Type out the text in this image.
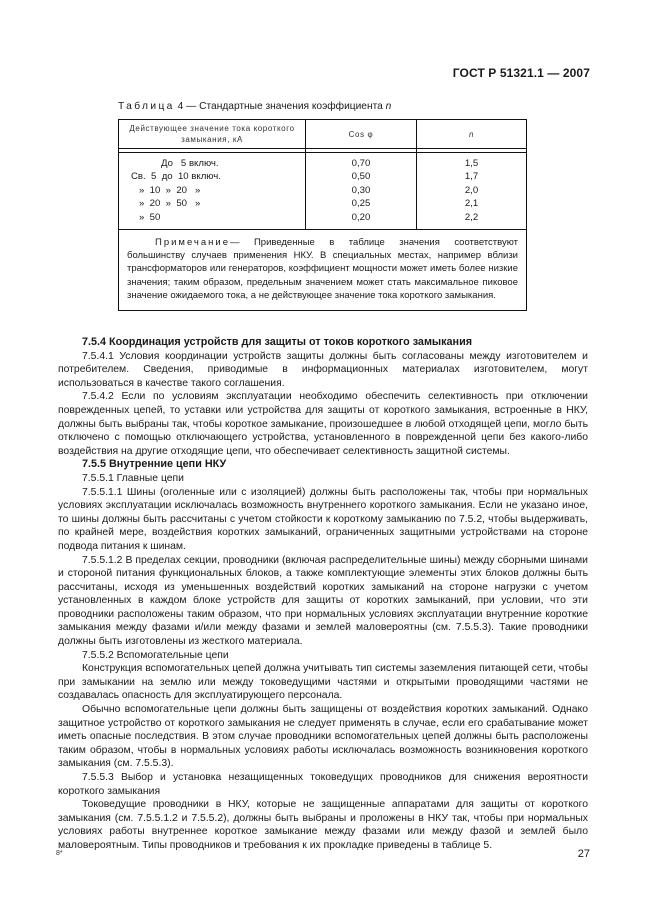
ГОСТ Р 51321.1 — 2007
Таблица 4 — Стандартные значения коэффициента n
Действующее значение тока короткого замыкания, кА
Cos φ	n
До   5 включ.
Св.  5  до  10 включ.
»  10  »  20   »
»  20  »  50   »
»  50
0,70
0,50
0,30
0,25
0,20
1,5
1,7
2,0
2,1
2,2
Примечание— Приведенные в таблице значения соответствуют большинству случаев применения НКУ. В специальных местах, например вблизи трансформаторов или генераторов, коэффициент мощности может иметь более низкие значения; таким образом, предельным значением может стать максимальное пиковое значение ожидаемого тока, а не действующее значение тока короткого замыкания.
7.5.4 Координация устройств для защиты от токов короткого замыкания

7.5.4.1 Условия координации устройств защиты должны быть согласованы между изготовителем и потребителем. Сведения, приводимые в информационных материалах изготовителем, могут использоваться в качестве такого соглашения.

7.5.4.2 Если по условиям эксплуатации необходимо обеспечить селективность при отключении поврежденных цепей, то уставки или устройства для защиты от короткого замыкания, встроенные в НКУ, должны быть выбраны так, чтобы короткое замыкание, произошедшее в любой отходящей цепи, могло быть отключено с помощью отключающего устройства, установленного в поврежденной цепи без какого-либо воздействия на другие отходящие цепи, что обеспечивает селективность защитной системы.

7.5.5 Внутренние цепи НКУ

7.5.5.1 Главные цепи

7.5.5.1.1 Шины (оголенные или с изоляцией) должны быть расположены так, чтобы при нормальных условиях эксплуатации исключалась возможность внутреннего короткого замыкания. Если не указано иное, то шины должны быть рассчитаны с учетом стойкости к короткому замыканию по 7.5.2, чтобы выдерживать, по крайней мере, воздействия коротких замыканий, ограниченных защитными устройствами на стороне подвода питания к шинам.

7.5.5.1.2 В пределах секции, проводники (включая распределительные шины) между сборными шинами и стороной питания функциональных блоков, а также комплектующие элементы этих блоков должны быть рассчитаны, исходя из уменьшенных воздействий коротких замыканий на стороне нагрузки с учетом установленных в каждом блоке устройств для защиты от коротких замыканий, при условии, что эти проводники расположены таким образом, что при нормальных условиях эксплуатации внутренние короткие замыкания между фазами и/или между фазами и землей маловероятны (см. 7.5.5.3). Такие проводники должны быть изготовлены из жесткого материала.

7.5.5.2 Вспомогательные цепи

Конструкция вспомогательных цепей должна учитывать тип системы заземления питающей сети, чтобы при замыкании на землю или между токоведущими частями и открытыми проводящими частями не создавалась опасность для эксплуатирующего персонала.

Обычно вспомогательные цепи должны быть защищены от воздействия коротких замыканий. Однако защитное устройство от короткого замыкания не следует применять в случае, если его срабатывание может иметь опасные последствия. В этом случае проводники вспомогательных цепей должны быть расположены таким образом, чтобы в нормальных условиях работы исключалась возможность возникновения короткого замыкания (см. 7.5.5.3).

7.5.5.3 Выбор и установка незащищенных токоведущих проводников для снижения вероятности короткого замыкания

Токоведущие проводники в НКУ, которые не защищенные аппаратами для защиты от короткого замыкания (см. 7.5.5.1.2 и 7.5.5.2), должны быть выбраны и проложены в НКУ так, чтобы при нормальных условиях работы внутреннее короткое замыкание между фазами или между фазой и землей было маловероятным. Типы проводников и требования к их прокладке приведены в таблице 5.

8*	27
